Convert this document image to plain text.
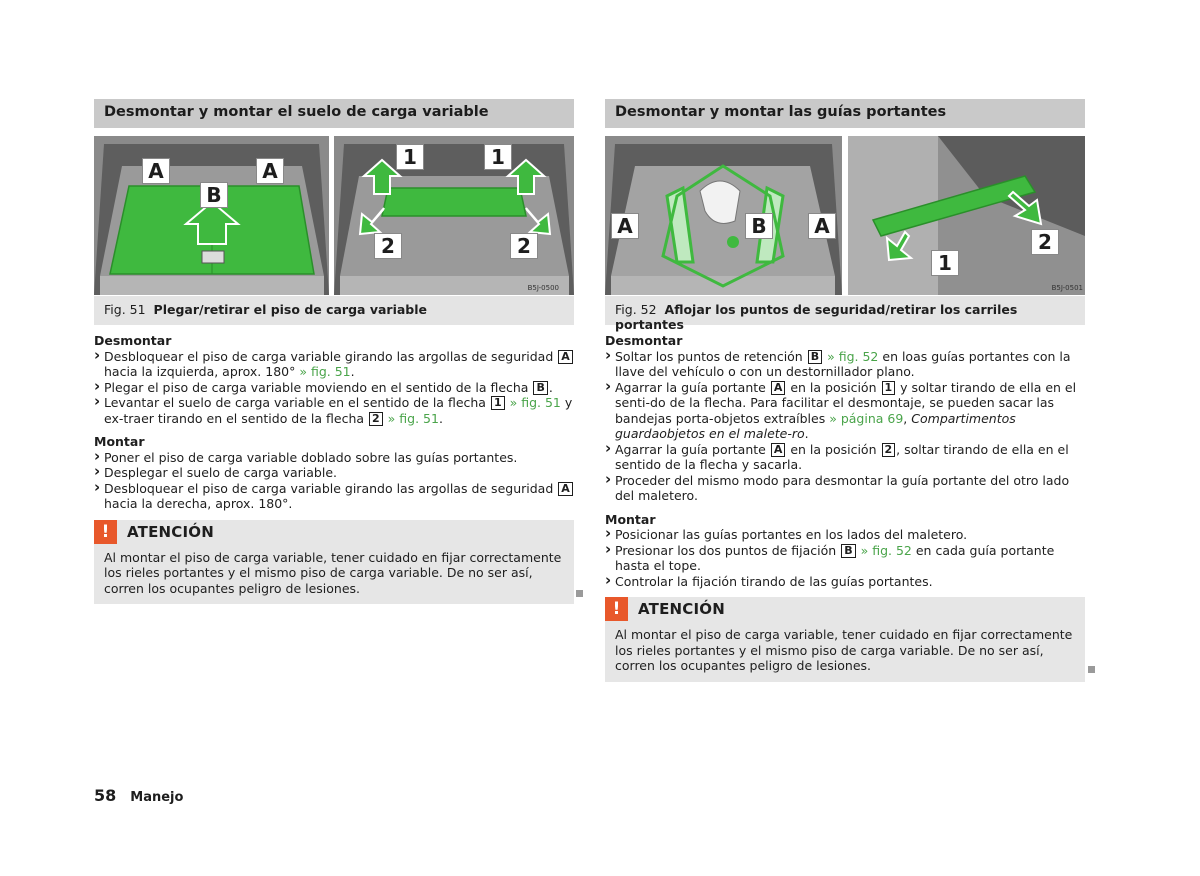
Desmontar y montar el suelo de carga variable
B5J-0500
A	A
B
1	1
2	2
Fig. 51 Plegar/retirar el piso de carga variable
Desmontar
› Desbloquear el piso de carga variable girando las argollas de seguridad A hacia la izquierda, aprox. 180° » fig. 51.
› Plegar el piso de carga variable moviendo en el sentido de la flecha B .
› Levantar el suelo de carga variable en el sentido de la flecha 1 » fig. 51 y ex-traer tirando en el sentido de la flecha 2 » fig. 51.
Montar
› Poner el piso de carga variable doblado sobre las guías portantes.
› Desplegar el suelo de carga variable.
› Desbloquear el piso de carga variable girando las argollas de seguridad A hacia la derecha, aprox. 180°.
!	ATENCIÓN
Al montar el piso de carga variable, tener cuidado en fijar correctamente los rieles portantes y el mismo piso de carga variable. De no ser así, corren los ocupantes peligro de lesiones.
Desmontar y montar las guías portantes
B5J-0501
A	B	A
1
2
Fig. 52 Aflojar los puntos de seguridad/retirar los carriles portantes
Desmontar
› Soltar los puntos de retención B » fig. 52 en loas guías portantes con la llave del vehículo o con un destornillador plano.
› Agarrar la guía portante A en la posición 1 y soltar tirando de ella en el senti-do de la flecha. Para facilitar el desmontaje, se pueden sacar las bandejas porta-objetos extraíbles » página 69, Compartimentos guardaobjetos en el malete-ro.
› Agarrar la guía portante A en la posición 2 , soltar tirando de ella en el sentido de la flecha y sacarla.
› Proceder del mismo modo para desmontar la guía portante del otro lado del maletero.
Montar
› Posicionar las guías portantes en los lados del maletero.
› Presionar los dos puntos de fijación B » fig. 52 en cada guía portante hasta el tope.
› Controlar la fijación tirando de las guías portantes.
!	ATENCIÓN
Al montar el piso de carga variable, tener cuidado en fijar correctamente los rieles portantes y el mismo piso de carga variable. De no ser así, corren los ocupantes peligro de lesiones.
58 Manejo
